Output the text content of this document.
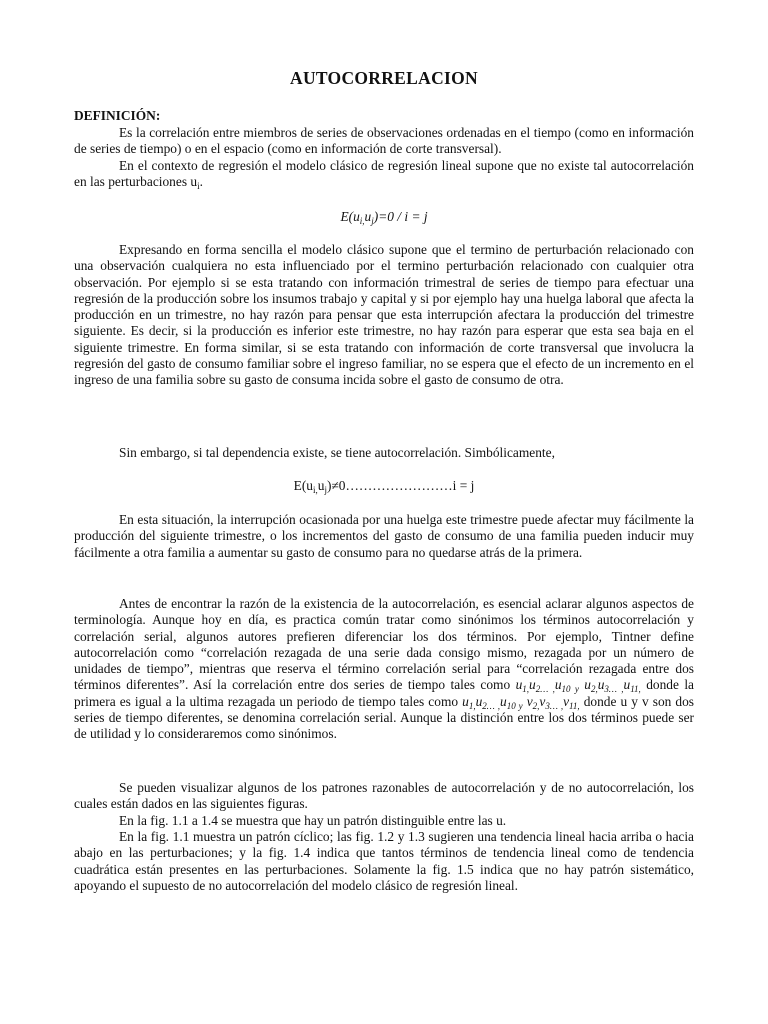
AUTOCORRELACION
DEFINICIÓN:

Es la correlación entre miembros de series de observaciones ordenadas en el tiempo (como en información de series de tiempo) o en el espacio (como en información de corte transversal).

En el contexto de regresión el modelo clásico de regresión lineal supone que no existe tal autocorrelación en las perturbaciones $u_i$.

$E(u_{i,}u_j)=0 / i = j$

Expresando en forma sencilla el modelo clásico supone que el termino de perturbación relacionado con una observación cualquiera no esta influenciado por el termino perturbación relacionado con cualquier otra observación. Por ejemplo si se esta tratando con información trimestral de series de tiempo para efectuar una regresión de la producción sobre los insumos trabajo y capital y si por ejemplo hay una huelga laboral que afecta la producción en un trimestre, no hay razón para pensar que esta interrupción afectara la producción del trimestre siguiente. Es decir, si la producción es inferior este trimestre, no hay razón para esperar que esta sea baja en el siguiente trimestre. En forma similar, si se esta tratando con información de corte transversal que involucra la regresión del gasto de consumo familiar sobre el ingreso familiar, no se espera que el efecto de un incremento en el ingreso de una familia sobre su gasto de consuma incida sobre el gasto de consumo de otra.

Sin embargo, si tal dependencia existe, se tiene autocorrelación. Simbólicamente,

$E(u_{i,}u_j)\ne 0\dots\dots\dots\dots\dots\dots\dots\dots i = j$

En esta situación, la interrupción ocasionada por una huelga este trimestre puede afectar muy fácilmente la producción del siguiente trimestre, o los incrementos del gasto de consumo de una familia pueden inducir muy fácilmente a otra familia a aumentar su gasto de consumo para no quedarse atrás de la primera.

Antes de encontrar la razón de la existencia de la autocorrelación, es esencial aclarar algunos aspectos de terminología. Aunque hoy en día, es practica común tratar como sinónimos los términos autocorrelación y correlación serial, algunos autores prefieren diferenciar los dos términos. Por ejemplo, Tintner define autocorrelación como “correlación rezagada de una serie dada consigo mismo, rezagada por un número de unidades de tiempo”, mientras que reserva el término correlación serial para “correlación rezagada entre dos términos diferentes”. Así la correlación entre dos series de tiempo tales como $u_{1,}u_{2\dots ,}u_{10 y}$ $u_{2,}u_{3\dots ,}u_{11,}$ donde la primera es igual a la ultima rezagada un periodo de tiempo tales como $u_{1,}u_{2\dots ,}u_{10 y}$ $v_{2,}v_{3\dots ,}v_{11,}$ donde u y v son dos series de tiempo diferentes, se denomina correlación serial. Aunque la distinción entre los dos términos puede ser de utilidad y lo consideraremos como sinónimos.

Se pueden visualizar algunos de los patrones razonables de autocorrelación y de no autocorrelación, los cuales están dados en las siguientes figuras.

En la fig. 1.1 a 1.4 se muestra que hay un patrón distinguible entre las u.

En la fig. 1.1 muestra un patrón cíclico; las fig. 1.2 y 1.3 sugieren una tendencia lineal hacia arriba o hacia abajo en las perturbaciones; y la fig. 1.4 indica que tantos términos de tendencia lineal como de tendencia cuadrática están presentes en las perturbaciones. Solamente la fig. 1.5 indica que no hay patrón sistemático, apoyando el supuesto de no autocorrelación del modelo clásico de regresión lineal.
